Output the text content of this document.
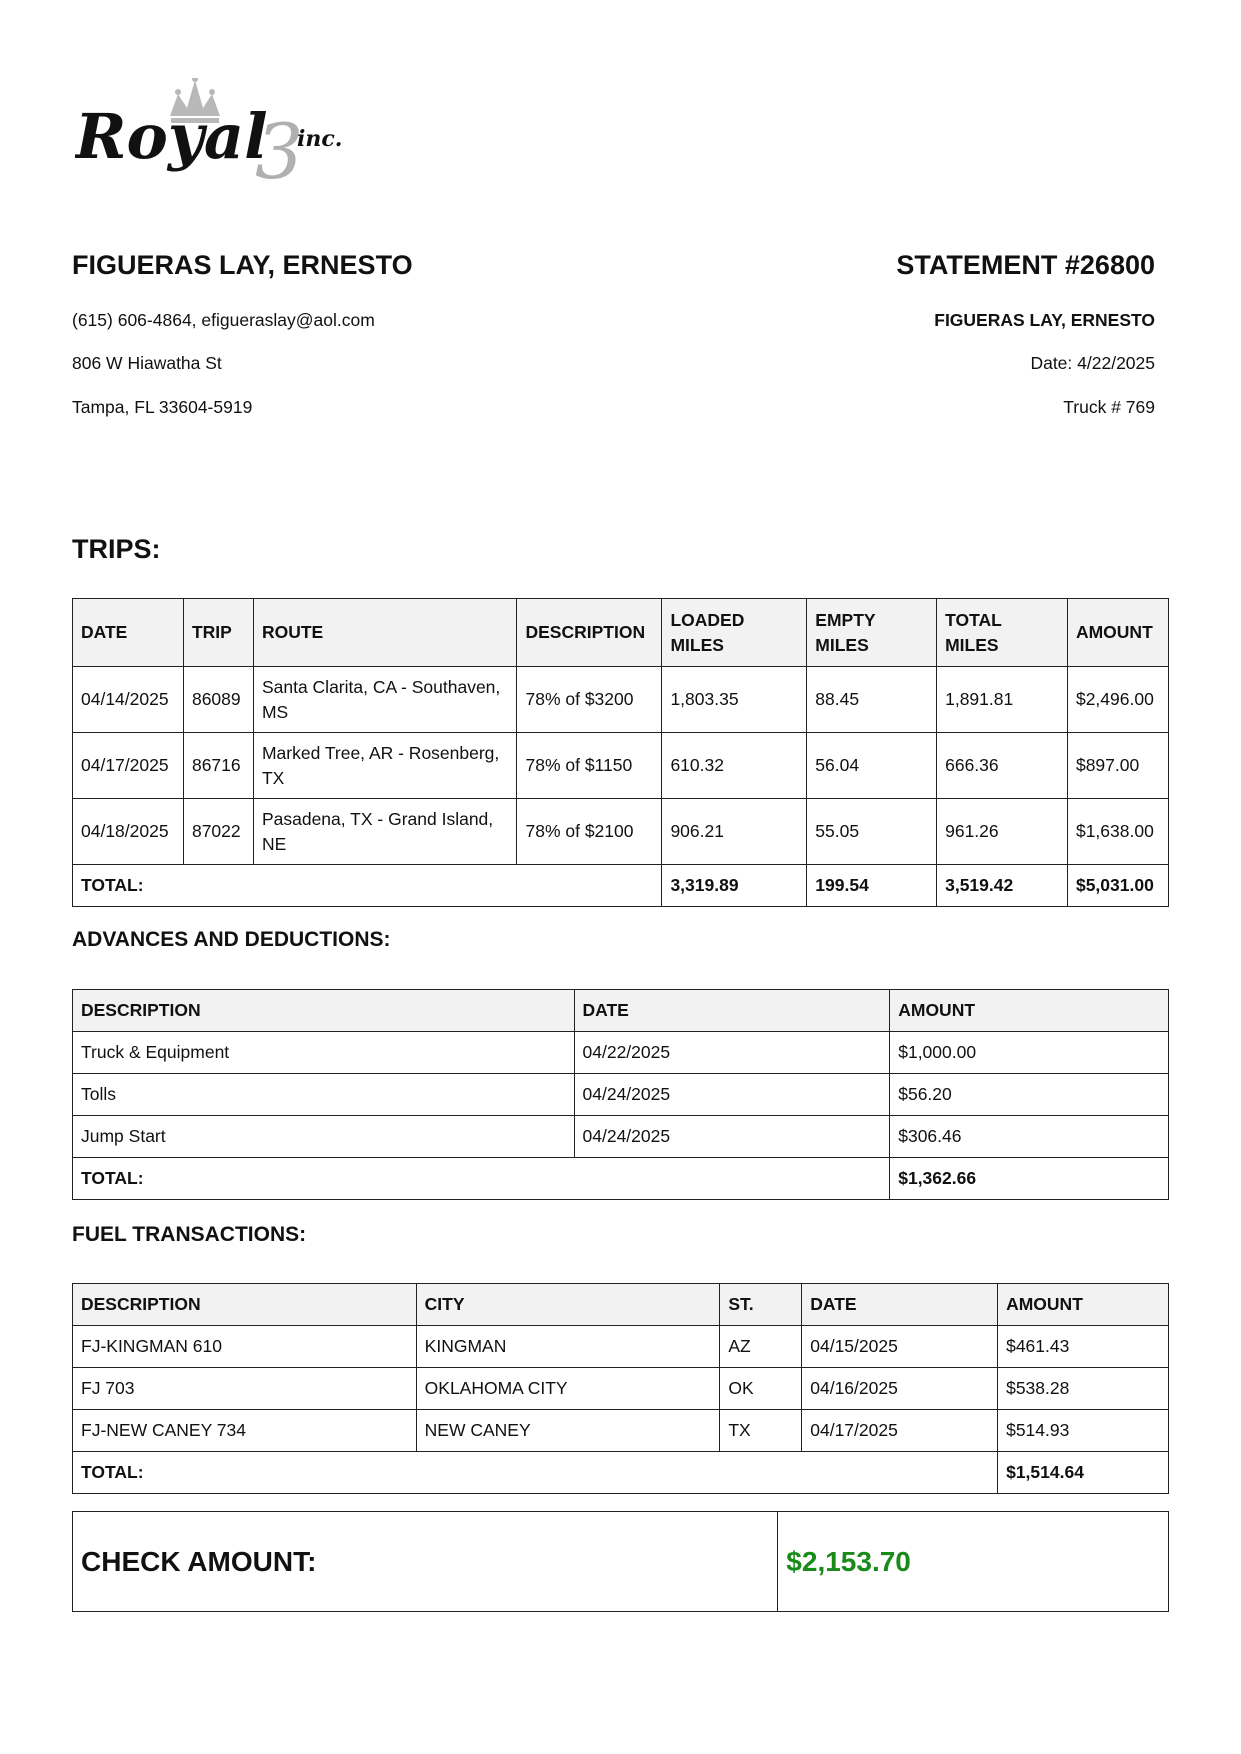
3
Royal inc.
FIGUERAS LAY, ERNESTO	STATEMENT #26800
(615) 606-4864, efigueraslay@aol.com
806 W Hiawatha St
Tampa, FL 33604-5919
FIGUERAS LAY, ERNESTO
Date: 4/22/2025
Truck # 769
TRIPS:
DATE	TRIP	ROUTE	DESCRIPTION	LOADED MILES	EMPTY MILES	TOTAL MILES	AMOUNT
04/14/2025	86089	Santa Clarita, CA - Southaven, MS	78% of $3200	1,803.35	88.45	1,891.81	$2,496.00
04/17/2025	86716	Marked Tree, AR - Rosenberg, TX	78% of $1150	610.32	56.04	666.36	$897.00
04/18/2025	87022	Pasadena, TX - Grand Island, NE	78% of $2100	906.21	55.05	961.26	$1,638.00
TOTAL:				3,319.89	199.54	3,519.42	$5,031.00
ADVANCES AND DEDUCTIONS:
DESCRIPTION	DATE	AMOUNT
Truck & Equipment	04/22/2025	$1,000.00
Tolls	04/24/2025	$56.20
Jump Start	04/24/2025	$306.46
TOTAL:		$1,362.66
FUEL TRANSACTIONS:
DESCRIPTION	CITY	ST.	DATE	AMOUNT
FJ-KINGMAN 610	KINGMAN	AZ	04/15/2025	$461.43
FJ 703	OKLAHOMA CITY	OK	04/16/2025	$538.28
FJ-NEW CANEY 734	NEW CANEY	TX	04/17/2025	$514.93
TOTAL:				$1,514.64
CHECK AMOUNT:	$2,153.70
